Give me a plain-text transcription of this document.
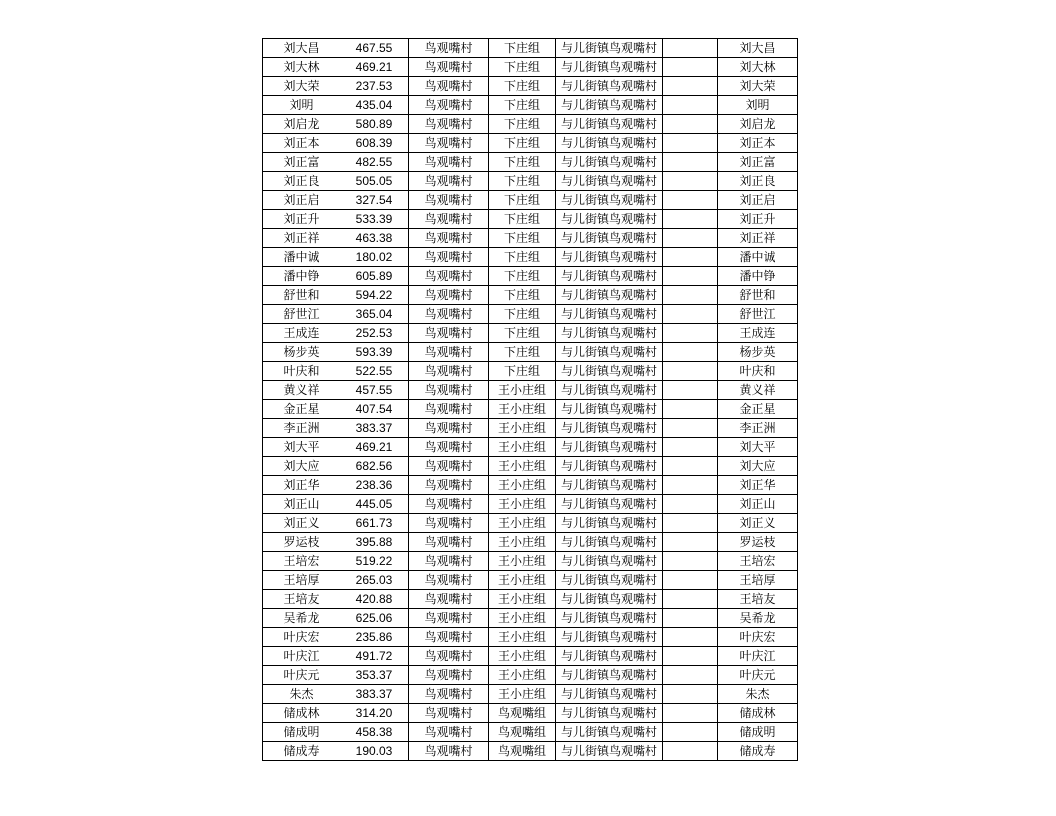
刘大昌	467.55	鸟观嘴村	下庄组	与儿街镇鸟观嘴村		刘大昌
刘大林	469.21	鸟观嘴村	下庄组	与儿街镇鸟观嘴村		刘大林
刘大荣	237.53	鸟观嘴村	下庄组	与儿街镇鸟观嘴村		刘大荣
刘明	435.04	鸟观嘴村	下庄组	与儿街镇鸟观嘴村		刘明
刘启龙	580.89	鸟观嘴村	下庄组	与儿街镇鸟观嘴村		刘启龙
刘正本	608.39	鸟观嘴村	下庄组	与儿街镇鸟观嘴村		刘正本
刘正富	482.55	鸟观嘴村	下庄组	与儿街镇鸟观嘴村		刘正富
刘正良	505.05	鸟观嘴村	下庄组	与儿街镇鸟观嘴村		刘正良
刘正启	327.54	鸟观嘴村	下庄组	与儿街镇鸟观嘴村		刘正启
刘正升	533.39	鸟观嘴村	下庄组	与儿街镇鸟观嘴村		刘正升
刘正祥	463.38	鸟观嘴村	下庄组	与儿街镇鸟观嘴村		刘正祥
潘中诚	180.02	鸟观嘴村	下庄组	与儿街镇鸟观嘴村		潘中诚
潘中铮	605.89	鸟观嘴村	下庄组	与儿街镇鸟观嘴村		潘中铮
舒世和	594.22	鸟观嘴村	下庄组	与儿街镇鸟观嘴村		舒世和
舒世江	365.04	鸟观嘴村	下庄组	与儿街镇鸟观嘴村		舒世江
王成连	252.53	鸟观嘴村	下庄组	与儿街镇鸟观嘴村		王成连
杨步英	593.39	鸟观嘴村	下庄组	与儿街镇鸟观嘴村		杨步英
叶庆和	522.55	鸟观嘴村	下庄组	与儿街镇鸟观嘴村		叶庆和
黄义祥	457.55	鸟观嘴村	王小庄组	与儿街镇鸟观嘴村		黄义祥
金正星	407.54	鸟观嘴村	王小庄组	与儿街镇鸟观嘴村		金正星
李正洲	383.37	鸟观嘴村	王小庄组	与儿街镇鸟观嘴村		李正洲
刘大平	469.21	鸟观嘴村	王小庄组	与儿街镇鸟观嘴村		刘大平
刘大应	682.56	鸟观嘴村	王小庄组	与儿街镇鸟观嘴村		刘大应
刘正华	238.36	鸟观嘴村	王小庄组	与儿街镇鸟观嘴村		刘正华
刘正山	445.05	鸟观嘴村	王小庄组	与儿街镇鸟观嘴村		刘正山
刘正义	661.73	鸟观嘴村	王小庄组	与儿街镇鸟观嘴村		刘正义
罗运枝	395.88	鸟观嘴村	王小庄组	与儿街镇鸟观嘴村		罗运枝
王培宏	519.22	鸟观嘴村	王小庄组	与儿街镇鸟观嘴村		王培宏
王培厚	265.03	鸟观嘴村	王小庄组	与儿街镇鸟观嘴村		王培厚
王培友	420.88	鸟观嘴村	王小庄组	与儿街镇鸟观嘴村		王培友
吴希龙	625.06	鸟观嘴村	王小庄组	与儿街镇鸟观嘴村		吴希龙
叶庆宏	235.86	鸟观嘴村	王小庄组	与儿街镇鸟观嘴村		叶庆宏
叶庆江	491.72	鸟观嘴村	王小庄组	与儿街镇鸟观嘴村		叶庆江
叶庆元	353.37	鸟观嘴村	王小庄组	与儿街镇鸟观嘴村		叶庆元
朱杰	383.37	鸟观嘴村	王小庄组	与儿街镇鸟观嘴村		朱杰
储成林	314.20	鸟观嘴村	鸟观嘴组	与儿街镇鸟观嘴村		储成林
储成明	458.38	鸟观嘴村	鸟观嘴组	与儿街镇鸟观嘴村		储成明
储成寿	190.03	鸟观嘴村	鸟观嘴组	与儿街镇鸟观嘴村		储成寿
